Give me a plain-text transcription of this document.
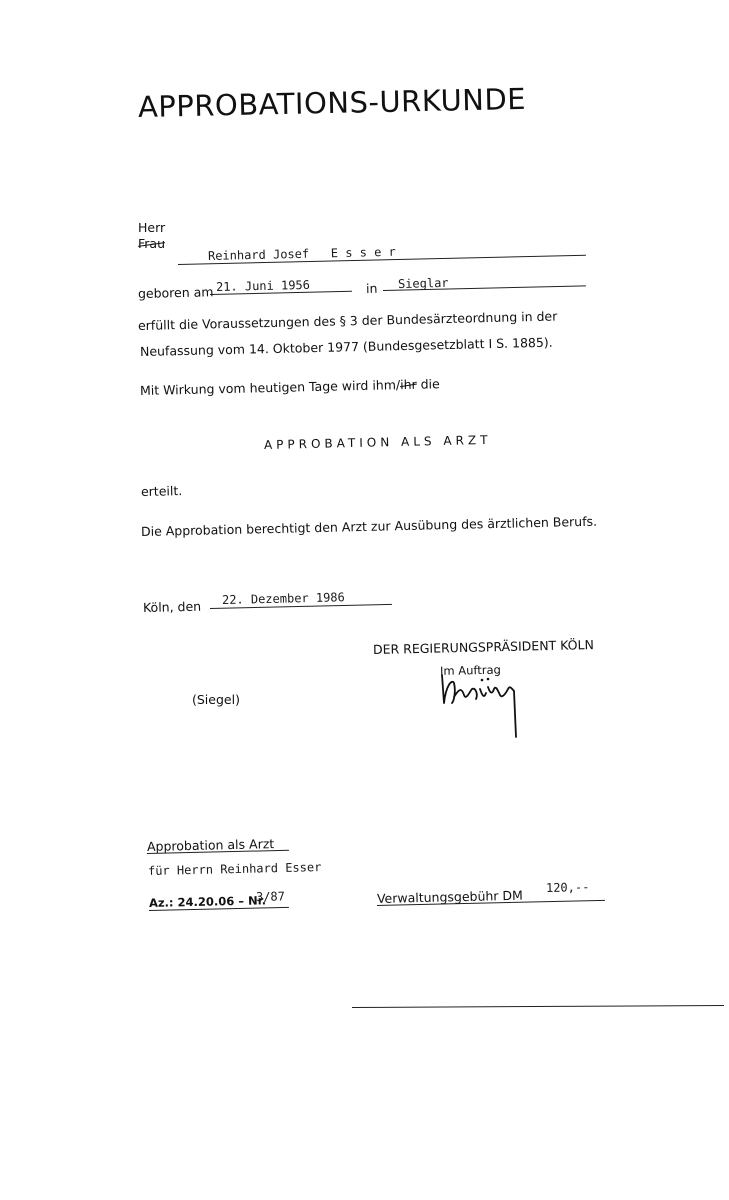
APPROBATIONS-URKUNDE
Herr
Frau
Reinhard Josef E s s e r
geboren am 21. Juni 1956	in Sieglar
erfüllt die Voraussetzungen des § 3 der Bundesärzteordnung in der
Neufassung vom 14. Oktober 1977 (Bundesgesetzblatt I S. 1885).
Mit Wirkung vom heutigen Tage wird ihm/ihr die
APPROBATION ALS ARZT
erteilt.
Die Approbation berechtigt den Arzt zur Ausübung des ärztlichen Berufs.
Köln, den 22. Dezember 1986
DER REGIERUNGSPRÄSIDENT KÖLN
Im Auftrag
(Siegel)
Approbation als Arzt
für Herrn Reinhard Esser
Az.: 24.20.06 – Nr.
3/87	Verwaltungsgebühr DM
120,--
